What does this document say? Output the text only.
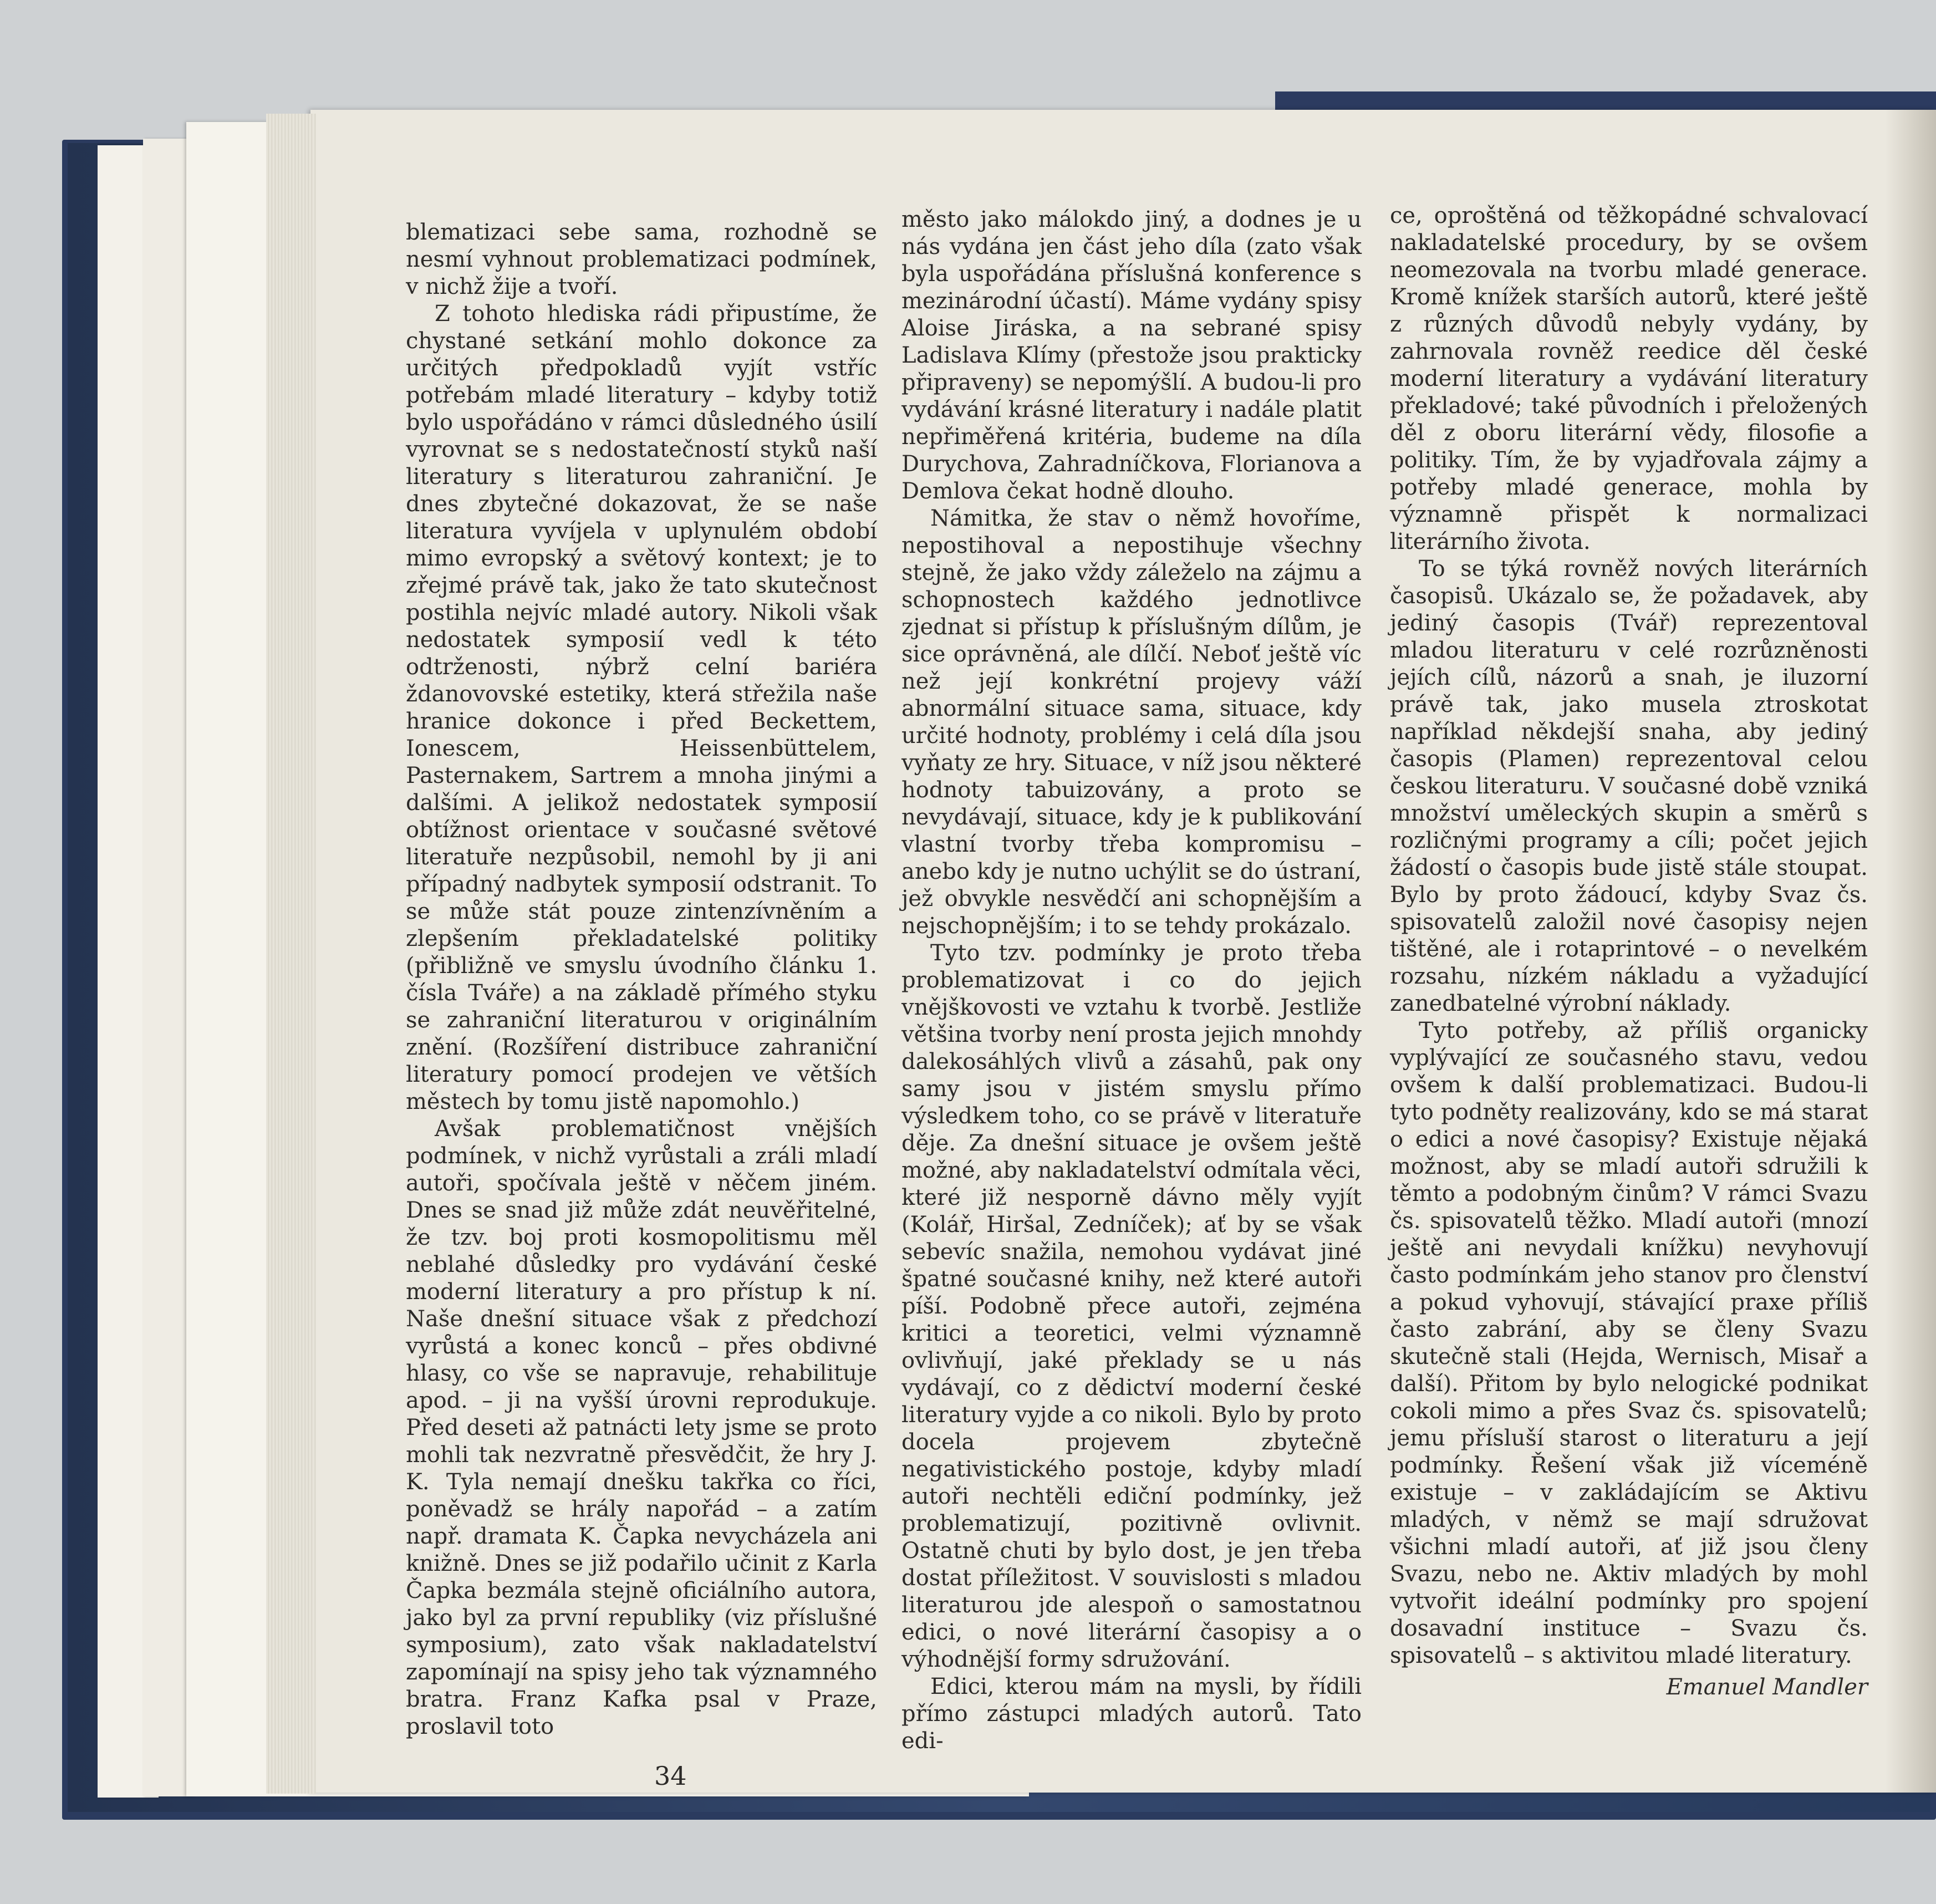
blematizaci sebe sama, rozhodně se nesmí vyhnout problematizaci podmínek, v nichž žije a tvoří.

Z tohoto hlediska rádi připustíme, že chystané setkání mohlo dokonce za určitých předpokladů vyjít vstříc potřebám mladé literatury – kdyby totiž bylo uspořádáno v rámci důsledného úsilí vyrovnat se s nedostatečností styků naší literatury s literaturou zahraniční. Je dnes zbytečné dokazovat, že se naše literatura vyvíjela v uplynulém období mimo evropský a světový kontext; je to zřejmé právě tak, jako že tato skutečnost postihla nejvíc mladé autory. Nikoli však nedostatek symposií vedl k této odtrženosti, nýbrž celní bariéra ždanovovské estetiky, která střežila naše hranice dokonce i před Beckettem, Ionescem, Heissenbüttelem, Pasternakem, Sartrem a mnoha jinými a dalšími. A jelikož nedostatek symposií obtížnost orientace v současné světové literatuře nezpůsobil, nemohl by ji ani případný nadbytek symposií odstranit. To se může stát pouze zintenzívněním a zlepšením překladatelské politiky (přibližně ve smyslu úvodního článku 1. čísla Tváře) a na základě přímého styku se zahraniční literaturou v originálním znění. (Rozšíření distribuce zahraniční literatury pomocí prodejen ve větších městech by tomu jistě napomohlo.)

Avšak problematičnost vnějších podmínek, v nichž vyrůstali a zráli mladí autoři, spočívala ještě v něčem jiném. Dnes se snad již může zdát neuvěřitelné, že tzv. boj proti kosmopolitismu měl neblahé důsledky pro vydávání české moderní literatury a pro přístup k ní. Naše dnešní situace však z předchozí vyrůstá a konec konců – přes obdivné hlasy, co vše se napravuje, rehabilituje apod. – ji na vyšší úrovni reprodukuje. Před deseti až patnácti lety jsme se proto mohli tak nezvratně přesvědčit, že hry J. K. Tyla nemají dnešku takřka co říci, poněvadž se hrály napořád – a zatím např. dramata K. Čapka nevycházela ani knižně. Dnes se již podařilo učinit z Karla Čapka bezmála stejně oficiálního autora, jako byl za první republiky (viz příslušné symposium), zato však nakladatelství zapomínají na spisy jeho tak významného bratra. Franz Kafka psal v Praze, proslavil toto

město jako málokdo jiný, a dodnes je u nás vydána jen část jeho díla (zato však byla uspořádána příslušná konference s mezinárodní účastí). Máme vydány spisy Aloise Jiráska, a na sebrané spisy Ladislava Klímy (přestože jsou prakticky připraveny) se nepomýšlí. A budou-li pro vydávání krásné literatury i nadále platit nepřiměřená kritéria, budeme na díla Durychova, Zahradníčkova, Florianova a Demlova čekat hodně dlouho.

Námitka, že stav o němž hovoříme, nepostihoval a nepostihuje všechny stejně, že jako vždy záleželo na zájmu a schopnostech každého jednotlivce zjednat si přístup k příslušným dílům, je sice oprávněná, ale dílčí. Neboť ještě víc než její konkrétní projevy váží abnormální situace sama, situace, kdy určité hodnoty, problémy i celá díla jsou vyňaty ze hry. Situace, v níž jsou některé hodnoty tabuizovány, a proto se nevydávají, situace, kdy je k publikování vlastní tvorby třeba kompromisu – anebo kdy je nutno uchýlit se do ústraní, jež obvykle nesvědčí ani schopnějším a nejschopnějším; i to se tehdy prokázalo.

Tyto tzv. podmínky je proto třeba problematizovat i co do jejich vnějškovosti ve vztahu k tvorbě. Jestliže většina tvorby není prosta jejich mnohdy dalekosáhlých vlivů a zásahů, pak ony samy jsou v jistém smyslu přímo výsledkem toho, co se právě v literatuře děje. Za dnešní situace je ovšem ještě možné, aby nakladatelství odmítala věci, které již nesporně dávno měly vyjít (Kolář, Hiršal, Zedníček); ať by se však sebevíc snažila, nemohou vydávat jiné špatné současné knihy, než které autoři píší. Podobně přece autoři, zejména kritici a teoretici, velmi významně ovlivňují, jaké překlady se u nás vydávají, co z dědictví moderní české literatury vyjde a co nikoli. Bylo by proto docela projevem zbytečně negativistického postoje, kdyby mladí autoři nechtěli ediční podmínky, jež problematizují, pozitivně ovlivnit. Ostatně chuti by bylo dost, je jen třeba dostat příležitost. V souvislosti s mladou literaturou jde alespoň o samostatnou edici, o nové literární časopisy a o výhodnější formy sdružování.

Edici, kterou mám na mysli, by řídili přímo zástupci mladých autorů. Tato edi-

ce, oproštěná od těžkopádné schvalovací nakladatelské procedury, by se ovšem neomezovala na tvorbu mladé generace. Kromě knížek starších autorů, které ještě z různých důvodů nebyly vydány, by zahrnovala rovněž reedice děl české moderní literatury a vydávání literatury překladové; také původních i přeložených děl z oboru literární vědy, filosofie a politiky. Tím, že by vyjadřovala zájmy a potřeby mladé generace, mohla by významně přispět k normalizaci literárního života.

To se týká rovněž nových literárních časopisů. Ukázalo se, že požadavek, aby jediný časopis (Tvář) reprezentoval mladou literaturu v celé rozrůzněnosti jejích cílů, názorů a snah, je iluzorní právě tak, jako musela ztroskotat například někdejší snaha, aby jediný časopis (Plamen) reprezentoval celou českou literaturu. V současné době vzniká množství uměleckých skupin a směrů s rozličnými programy a cíli; počet jejich žádostí o časopis bude jistě stále stoupat. Bylo by proto žádoucí, kdyby Svaz čs. spisovatelů založil nové časopisy nejen tištěné, ale i rotaprintové – o nevelkém rozsahu, nízkém nákladu a vyžadující zanedbatelné výrobní náklady.

Tyto potřeby, až příliš organicky vyplývající ze současného stavu, vedou ovšem k další problematizaci. Budou-li tyto podněty realizovány, kdo se má starat o edici a nové časopisy? Existuje nějaká možnost, aby se mladí autoři sdružili k těmto a podobným činům? V rámci Svazu čs. spisovatelů těžko. Mladí autoři (mnozí ještě ani nevydali knížku) nevyhovují často podmínkám jeho stanov pro členství a pokud vyhovují, stávající praxe příliš často zabrání, aby se členy Svazu skutečně stali (Hejda, Wernisch, Misař a další). Přitom by bylo nelogické podnikat cokoli mimo a přes Svaz čs. spisovatelů; jemu přísluší starost o literaturu a její podmínky. Řešení však již víceméně existuje – v zakládajícím se Aktivu mladých, v němž se mají sdružovat všichni mladí autoři, ať již jsou členy Svazu, nebo ne. Aktiv mladých by mohl vytvořit ideální podmínky pro spojení dosavadní instituce – Svazu čs. spisovatelů – s aktivitou mladé literatury.

Emanuel Mandler
34
